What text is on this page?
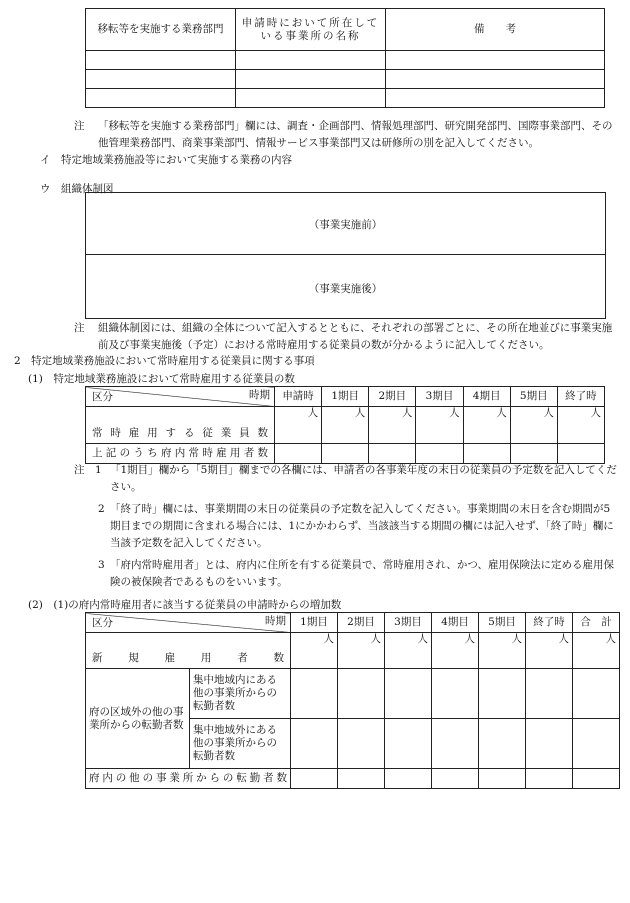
移転等を実施する業務部門	申請時において所在している事業所の名称	備　　考

注 「移転等を実施する業務部門」欄には、調査・企画部門、情報処理部門、研究開発部門、国際事業部門、その他管理業務部門、商業事業部門、情報サービス事業部門又は研修所の別を記入してください。
イ　特定地域業務施設等において実施する業務の内容
ウ　組織体制図
（事業実施前）
（事業実施後）
注 組織体制図には、組織の全体について記入するとともに、それぞれの部署ごとに、その所在地並びに事業実施前及び事業実施後（予定）における常時雇用する従業員の数が分かるように記入してください。
2　特定地域業務施設において常時雇用する従業員に関する事項
(1)　特定地域業務施設において常時雇用する従業員の数
時期
区分	申請時	1期目	2期目	3期目	4期目	5期目	終了時

常時雇用する従業員数	人	人	人	人	人	人	人

上記のうち府内常時雇用者数							

注　1 「1期目」欄から「5期目」欄までの各欄には、申請者の各事業年度の末日の従業員の予定数を記入してください。
2 「終了時」欄には、事業期間の末日の従業員の予定数を記入してください。事業期間の末日を含む期間が5期目までの期間に含まれる場合には、1にかかわらず、当該該当する期間の欄には記入せず、「終了時」欄に当該予定数を記入してください。
3 「府内常時雇用者」とは、府内に住所を有する従業員で、常時雇用され、かつ、雇用保険法に定める雇用保険の被保険者であるものをいいます。
(2)　(1)の府内常時雇用者に該当する従業員の申請時からの増加数
時期
区分		1期目	2期目	3期目	4期目	5期目	終了時	合　計

新規雇用者数		人	人	人	人	人	人	人
府の区域外の他の事業所からの転勤者数	集中地域内にある他の事業所からの転勤者数							
	集中地域外にある他の事業所からの転勤者数							

府内の他の事業所からの転勤者数								
